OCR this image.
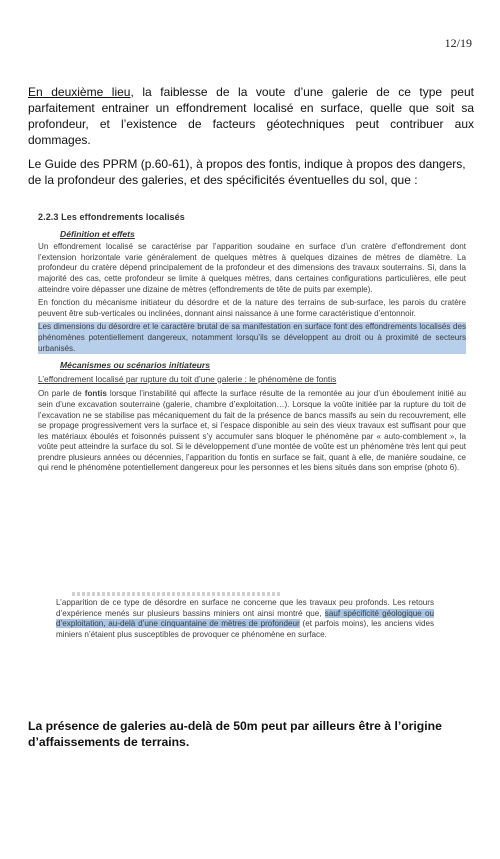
12/19
En deuxième lieu, la faiblesse de la voute d’une galerie de ce type peut parfaitement entrainer un effondrement localisé en surface, quelle que soit sa profondeur, et l’existence de facteurs géotechniques peut contribuer aux dommages.
Le Guide des PPRM (p.60-61), à propos des fontis, indique à propos des dangers, de la profondeur des galeries, et des spécificités éventuelles du sol, que :
2.2.3 Les effondrements localisés
Définition et effets

Un effondrement localisé se caractérise par l’apparition soudaine en surface d’un cratère d’effondrement dont l’extension horizontale varie généralement de quelques mètres à quelques dizaines de mètres de diamètre. La profondeur du cratère dépend principalement de la profondeur et des dimensions des travaux souterrains. Si, dans la majorité des cas, cette profondeur se limite à quelques mètres, dans certaines configurations particulières, elle peut atteindre voire dépasser une dizaine de mètres (effondrements de tête de puits par exemple).

En fonction du mécanisme initiateur du désordre et de la nature des terrains de sub-surface, les parois du cratère peuvent être sub-verticales ou inclinées, donnant ainsi naissance à une forme caractéristique d’entonnoir.

Les dimensions du désordre et le caractère brutal de sa manifestation en surface font des effondrements localisés des phénomènes potentiellement dangereux, notamment lorsqu’ils se développent au droit ou à proximité de secteurs urbanisés.

Mécanismes ou scénarios initiateurs
L’effondrement localisé par rupture du toit d’une galerie : le phénomène de fontis

On parle de fontis lorsque l’instabilité qui affecte la surface résulte de la remontée au jour d’un éboulement initié au sein d’une excavation souterraine (galerie, chambre d’exploitation…). Lorsque la voûte initiée par la rupture du toit de l’excavation ne se stabilise pas mécaniquement du fait de la présence de bancs massifs au sein du recouvrement, elle se propage progressivement vers la surface et, si l’espace disponible au sein des vieux travaux est suffisant pour que les matériaux éboulés et foisonnés puissent s’y accumuler sans bloquer le phénomène par « auto-comblement », la voûte peut atteindre la surface du sol. Si le développement d’une montée de voûte est un phénomène très lent qui peut prendre plusieurs années ou décennies, l’apparition du fontis en surface se fait, quant à elle, de manière soudaine, ce qui rend le phénomène potentiellement dangereux pour les personnes et les biens situés dans son emprise (photo 6).

L’apparition de ce type de désordre en surface ne concerne que les travaux peu profonds. Les retours d’expérience menés sur plusieurs bassins miniers ont ainsi montré que, sauf spécificité géologique ou d’exploitation, au-delà d’une cinquantaine de mètres de profondeur (et parfois moins), les anciens vides miniers n’étaient plus susceptibles de provoquer ce phénomène en surface.

La présence de galeries au-delà de 50m peut par ailleurs être à l’origine d’affaissements de terrains.
